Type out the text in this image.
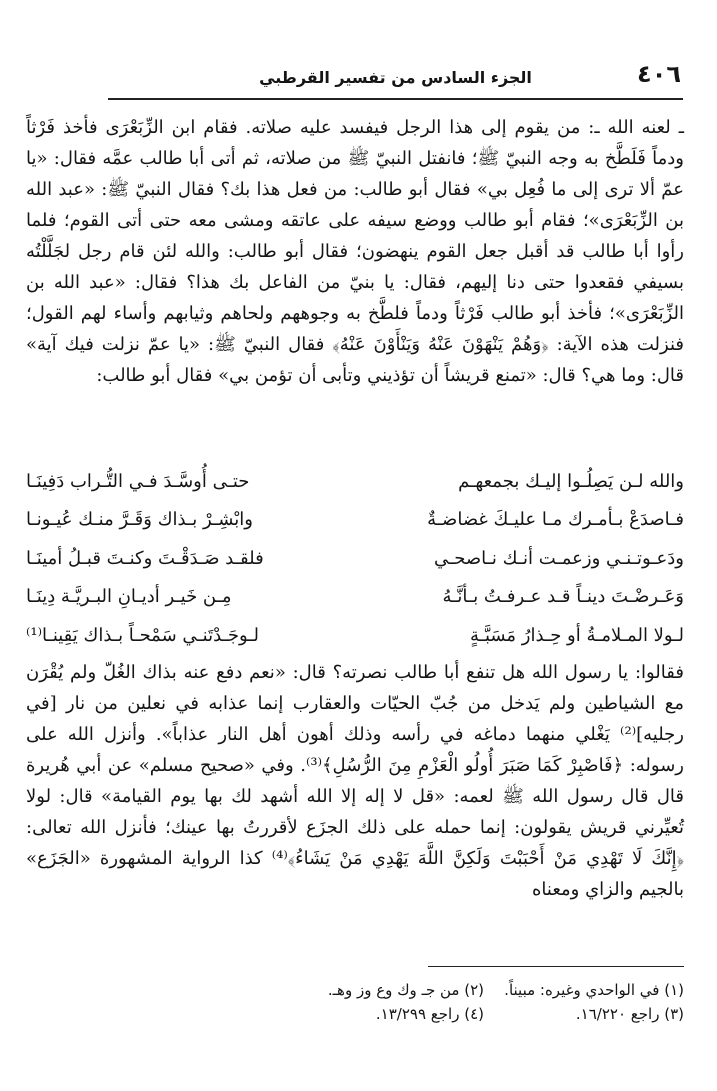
٤٠٦
الجزء السادس من تفسير القرطبي

ـ لعنه الله ـ: من يقوم إلى هذا الرجل فيفسد عليه صلاته. فقام ابن الزِّبَعْرَى فأخذ فَرْثاً ودماً فَلَطَّخ به وجه النبيّ ﷺ؛ فانفتل النبيّ ﷺ من صلاته، ثم أتى أبا طالب عمَّه فقال: «يا عمّ ألا ترى إلى ما فُعِل بي» فقال أبو طالب: من فعل هذا بك؟ فقال النبيّ ﷺ: «عبد الله بن الزِّبَعْرَى»؛ فقام أبو طالب ووضع سيفه على عاتقه ومشى معه حتى أتى القوم؛ فلما رأوا أبا طالب قد أقبل جعل القوم ينهضون؛ فقال أبو طالب: والله لئن قام رجل لجَلَّلْتُه بسيفي فقعدوا حتى دنا إليهم، فقال: يا بنيّ من الفاعل بك هذا؟ فقال: «عبد الله بن الزِّبَعْرَى»؛ فأخذ أبو طالب فَرْثاً ودماً فلطَّخ به وجوههم ولحاهم وثيابهم وأساء لهم القول؛ فنزلت هذه الآية: ﴿وَهُمْ يَنْهَوْنَ عَنْهُ وَيَنْأَوْنَ عَنْهُ﴾ فقال النبيّ ﷺ: «يا عمّ نزلت فيك آية» قال: وما هي؟ قال: «تمنع قريشاً أن تؤذيني وتأبى أن تؤمن بي» فقال أبو طالب:

والله لـن يَصِلُـوا إليـك بجمعهـم
حتـى أُوسَّـدَ فـي التُّـراب دَفِينَـا
فـاصدَعْ بـأمـرك مـا عليـكَ غضاضـةٌ
وابْشِـرْ بـذاك وَقَـرَّ منـك عُيـونـا
ودَعـوتـنـي وزعمـت أنـك نـاصحـي
فلقـد صَـدَقْـتَ وكنـتَ قبـلُ أمينَـا
وَعَـرضْـتَ دينـاً قـد عـرفـتُ بـأنَّـهُ
مِـن خَيـر أديـانِ البـريَّـة دِينَـا
لـولا المـلامـةُ أو حِـذارُ مَسَبَّـةٍ
لـوجَـدْتَنـي سَمْحـاً بـذاك يَقِينـا⁽¹⁾

فقالوا: يا رسول الله هل تنفع أبا طالب نصرته؟ قال: «نعم دفع عنه بذاك الغُلّ ولم يُقْرَن مع الشياطين ولم يَدخل من جُبّ الحيّات والعقارب إنما عذابه في نعلين من نار [في رجليه]⁽²⁾ يَغْلي منهما دماغه في رأسه وذلك أهون أهل النار عذاباً». وأنزل الله على رسوله: ﴿فَاصْبِرْ كَمَا صَبَرَ أُولُو الْعَزْمِ مِنَ الرُّسُلِ﴾⁽³⁾. وفي «صحيح مسلم» عن أبي هُريرة قال قال رسول الله ﷺ لعمه: «قل لا إله إلا الله أشهد لك بها يوم القيامة» قال: لولا تُعيِّرني قريش يقولون: إنما حمله على ذلك الجزَع لأقررتُ بها عينك؛ فأنزل الله تعالى: ﴿إِنَّكَ لَا تَهْدِي مَنْ أَحْبَبْتَ وَلَكِنَّ اللَّهَ يَهْدِي مَنْ يَشَاءُ﴾⁽⁴⁾ كذا الرواية المشهورة «الجَزَع» بالجيم والزاي ومعناه

(١) في الواحدي وغيره: مبيناً.
(٢) من جـ وك وع وز وهـ.
(٣) راجع ١٦/٢٢٠.
(٤) راجع ١٣/٢٩٩.
